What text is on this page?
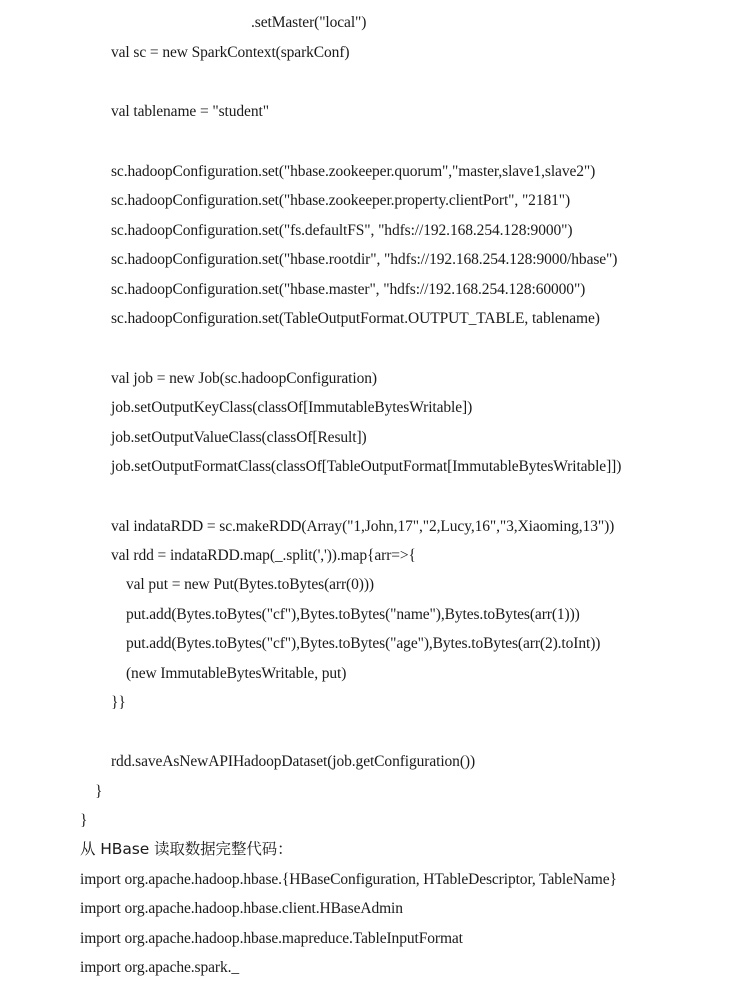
.setMaster("local")
val sc = new SparkContext(sparkConf)
val tablename = "student"
sc.hadoopConfiguration.set("hbase.zookeeper.quorum","master,slave1,slave2")
sc.hadoopConfiguration.set("hbase.zookeeper.property.clientPort", "2181")
sc.hadoopConfiguration.set("fs.defaultFS", "hdfs://192.168.254.128:9000")
sc.hadoopConfiguration.set("hbase.rootdir", "hdfs://192.168.254.128:9000/hbase")
sc.hadoopConfiguration.set("hbase.master", "hdfs://192.168.254.128:60000")
sc.hadoopConfiguration.set(TableOutputFormat.OUTPUT_TABLE, tablename)
val job = new Job(sc.hadoopConfiguration)
job.setOutputKeyClass(classOf[ImmutableBytesWritable])
job.setOutputValueClass(classOf[Result])
job.setOutputFormatClass(classOf[TableOutputFormat[ImmutableBytesWritable]])
val indataRDD = sc.makeRDD(Array("1,John,17","2,Lucy,16","3,Xiaoming,13"))
val rdd = indataRDD.map(_.split(',')).map{arr=>{
val put = new Put(Bytes.toBytes(arr(0)))
put.add(Bytes.toBytes("cf"),Bytes.toBytes("name"),Bytes.toBytes(arr(1)))
put.add(Bytes.toBytes("cf"),Bytes.toBytes("age"),Bytes.toBytes(arr(2).toInt))
(new ImmutableBytesWritable, put)
}}
rdd.saveAsNewAPIHadoopDataset(job.getConfiguration())
}
}
从 HBase 读取数据完整代码：
import org.apache.hadoop.hbase.{HBaseConfiguration, HTableDescriptor, TableName}
import org.apache.hadoop.hbase.client.HBaseAdmin
import org.apache.hadoop.hbase.mapreduce.TableInputFormat
import org.apache.spark._
